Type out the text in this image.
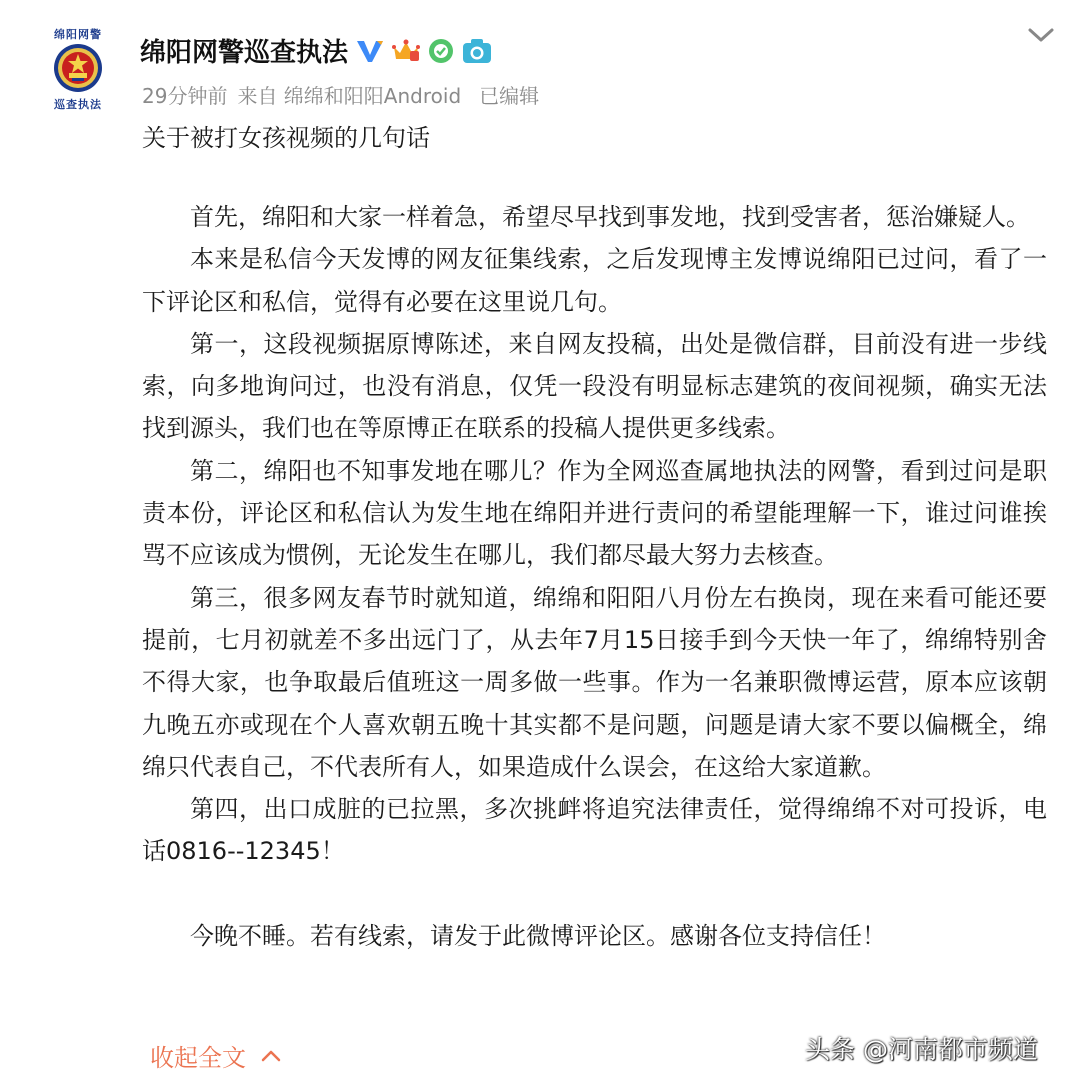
绵阳网警
巡查执法
绵阳网警巡查执法
29分钟前 来自 绵绵和阳阳Android 已编辑
关于被打女孩视频的几句话

首先，绵阳和大家一样着急，希望尽早找到事发地，找到受害者，惩治嫌疑人。

本来是私信今天发博的网友征集线索，之后发现博主发博说绵阳已过问，看了一下评论区和私信，觉得有必要在这里说几句。

第一，这段视频据原博陈述，来自网友投稿，出处是微信群，目前没有进一步线索，向多地询问过，也没有消息，仅凭一段没有明显标志建筑的夜间视频，确实无法找到源头，我们也在等原博正在联系的投稿人提供更多线索。

第二，绵阳也不知事发地在哪儿？作为全网巡查属地执法的网警，看到过问是职责本份，评论区和私信认为发生地在绵阳并进行责问的希望能理解一下，谁过问谁挨骂不应该成为惯例，无论发生在哪儿，我们都尽最大努力去核查。

第三，很多网友春节时就知道，绵绵和阳阳八月份左右换岗，现在来看可能还要提前，七月初就差不多出远门了，从去年7月15日接手到今天快一年了，绵绵特别舍不得大家，也争取最后值班这一周多做一些事。作为一名兼职微博运营，原本应该朝九晚五亦或现在个人喜欢朝五晚十其实都不是问题，问题是请大家不要以偏概全，绵绵只代表自己，不代表所有人，如果造成什么误会，在这给大家道歉。

第四，出口成脏的已拉黑，多次挑衅将追究法律责任，觉得绵绵不对可投诉，电话0816--12345！

今晚不睡。若有线索，请发于此微博评论区。感谢各位支持信任！

收起全文	头条 @河南都市频道
